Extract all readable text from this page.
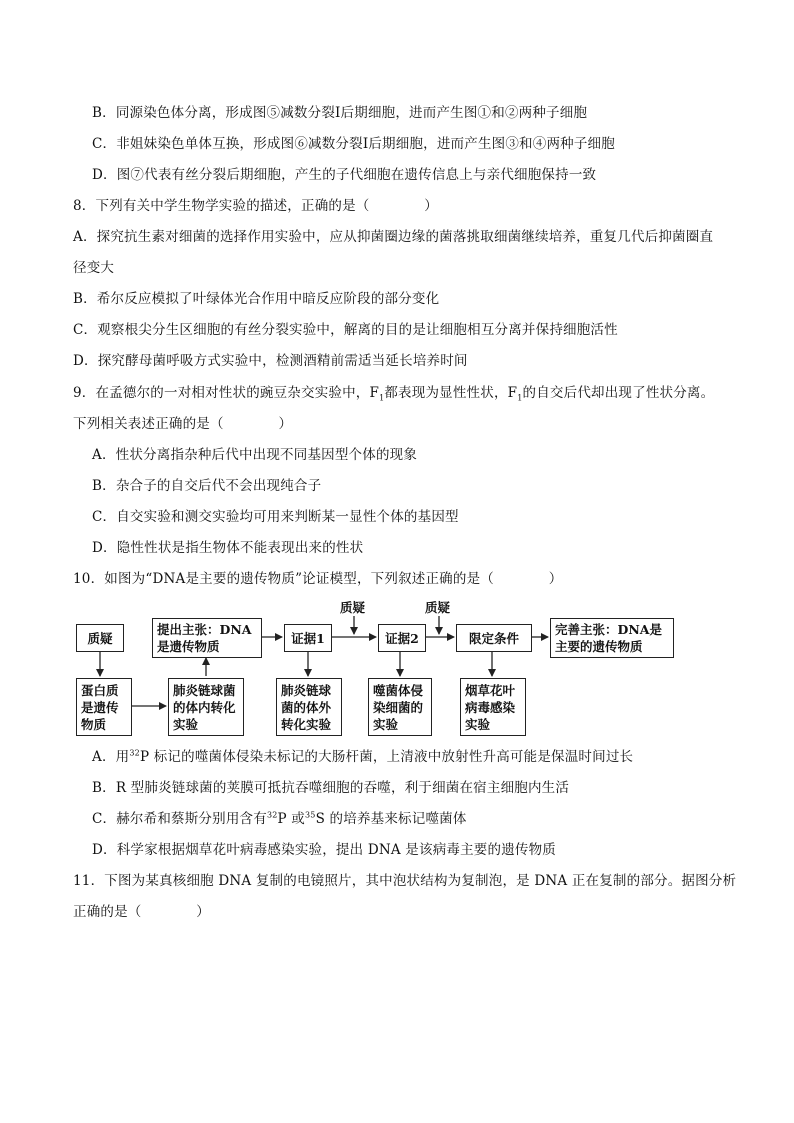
B．同源染色体分离，形成图⑤减数分裂Ⅰ后期细胞，进而产生图①和②两种子细胞
C．非姐妹染色单体互换，形成图⑥减数分裂Ⅰ后期细胞，进而产生图③和④两种子细胞
D．图⑦代表有丝分裂后期细胞，产生的子代细胞在遗传信息上与亲代细胞保持一致
8．下列有关中学生物学实验的描述，正确的是（　　　　）
A．探究抗生素对细菌的选择作用实验中，应从抑菌圈边缘的菌落挑取细菌继续培养，重复几代后抑菌圈直
径变大
B．希尔反应模拟了叶绿体光合作用中暗反应阶段的部分变化
C．观察根尖分生区细胞的有丝分裂实验中，解离的目的是让细胞相互分离并保持细胞活性
D．探究酵母菌呼吸方式实验中，检测酒精前需适当延长培养时间
9．在孟德尔的一对相对性状的豌豆杂交实验中，$F_1$都表现为显性性状，$F_1$的自交后代却出现了性状分离。
下列相关表述正确的是（　　　　）
A．性状分离指杂种后代中出现不同基因型个体的现象
B．杂合子的自交后代不会出现纯合子
C．自交实验和测交实验均可用来判断某一显性个体的基因型
D．隐性性状是指生物体不能表现出来的性状
10．如图为“DNA是主要的遗传物质”论证模型，下列叙述正确的是（　　　　）
质疑
提出主张：DNA 是遗传物质
证据1
质疑
证据2
质疑
限定条件
完善主张：DNA是主要的遗传物质
蛋白质是遗传物质
肺炎链球菌的体内转化实验
肺炎链球菌的体外转化实验
噬菌体侵染细菌的实验
烟草花叶病毒感染实验
A．用$^{32}$P 标记的噬菌体侵染未标记的大肠杆菌，上清液中放射性升高可能是保温时间过长
B．R 型肺炎链球菌的荚膜可抵抗吞噬细胞的吞噬，利于细菌在宿主细胞内生活
C．赫尔希和蔡斯分别用含有$^{32}$P 或$^{35}$S 的培养基来标记噬菌体
D．科学家根据烟草花叶病毒感染实验，提出 DNA 是该病毒主要的遗传物质
11．下图为某真核细胞 DNA 复制的电镜照片，其中泡状结构为复制泡，是 DNA 正在复制的部分。据图分析
正确的是（　　　　）
